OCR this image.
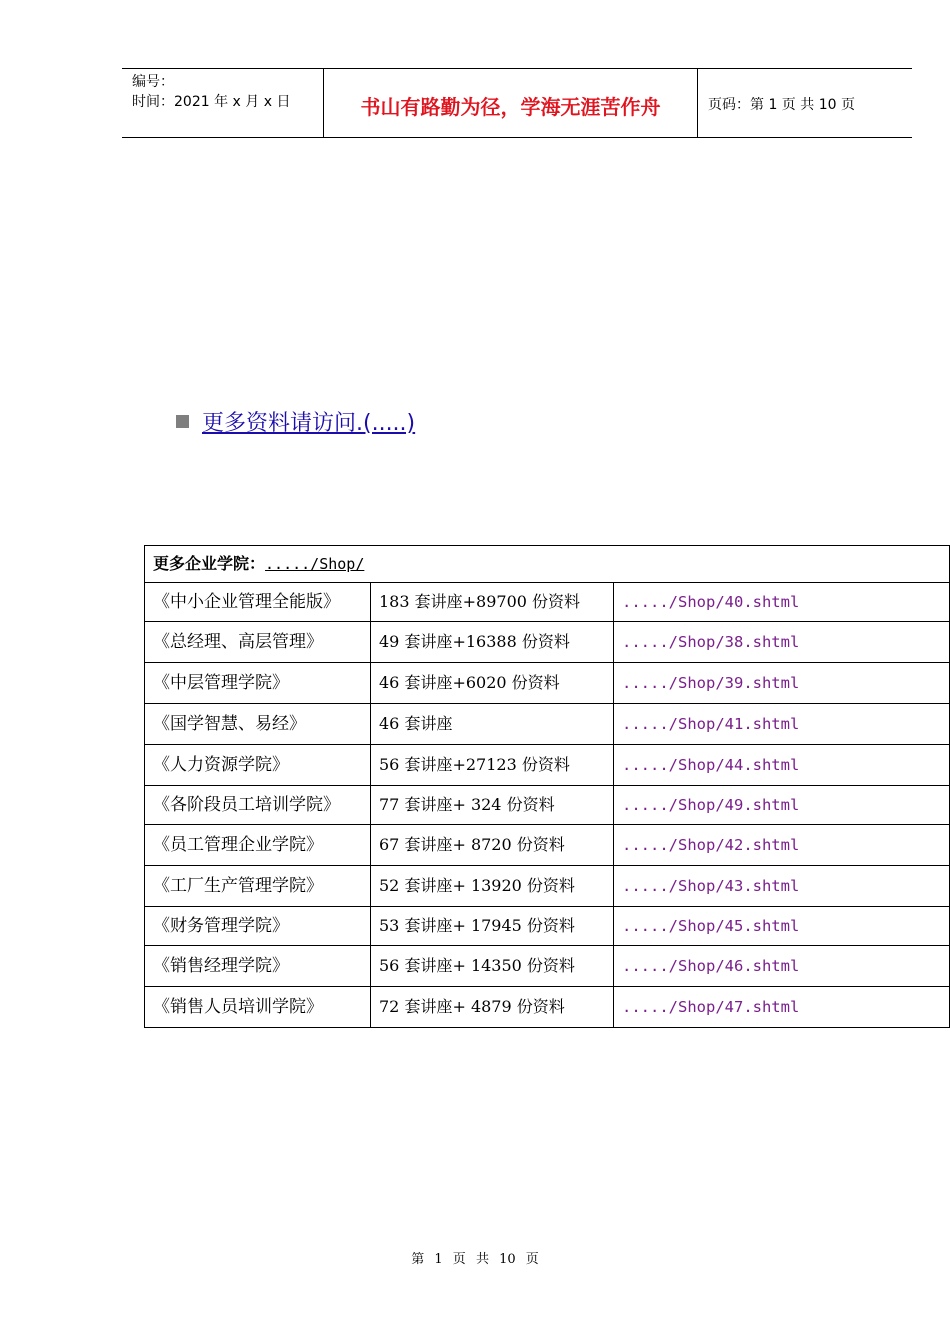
编号：
时间：2021 年 x 月 x 日	书山有路勤为径，学海无涯苦作舟	页码：第 1 页 共 10 页
更多资料请访问.(.....)
更多企业学院：...../Shop/		
《中小企业管理全能版》	183 套讲座+89700 份资料	...../Shop/40.shtml
《总经理、高层管理》	49 套讲座+16388 份资料	...../Shop/38.shtml
《中层管理学院》	46 套讲座+6020 份资料	...../Shop/39.shtml
《国学智慧、易经》	46 套讲座	...../Shop/41.shtml
《人力资源学院》	56 套讲座+27123 份资料	...../Shop/44.shtml
《各阶段员工培训学院》	77 套讲座+ 324 份资料	...../Shop/49.shtml
《员工管理企业学院》	67 套讲座+ 8720 份资料	...../Shop/42.shtml
《工厂生产管理学院》	52 套讲座+ 13920 份资料	...../Shop/43.shtml
《财务管理学院》	53 套讲座+ 17945 份资料	...../Shop/45.shtml
《销售经理学院》	56 套讲座+ 14350 份资料	...../Shop/46.shtml
《销售人员培训学院》	72 套讲座+ 4879 份资料	...../Shop/47.shtml
第 1 页 共 10 页
